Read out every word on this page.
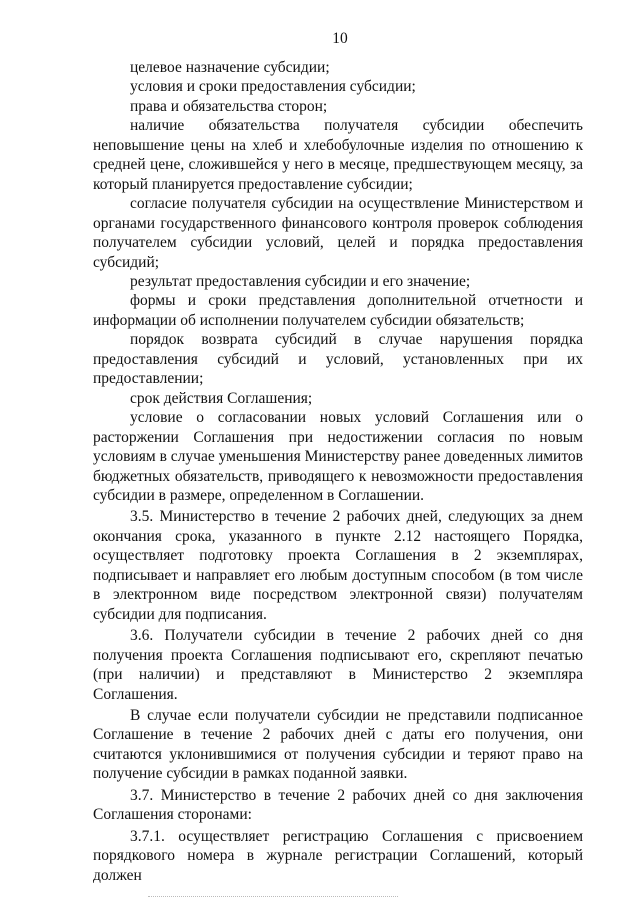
10

целевое назначение субсидии;

условия и сроки предоставления субсидии;

права и обязательства сторон;

наличие обязательства получателя субсидии обеспечить неповышение цены на хлеб и хлебобулочные изделия по отношению к средней цене, сложившейся у него в месяце, предшествующем месяцу, за который планируется предоставление субсидии;

согласие получателя субсидии на осуществление Министерством и органами государственного финансового контроля проверок соблюдения получателем субсидии условий, целей и порядка предоставления субсидий;

результат предоставления субсидии и его значение;

формы и сроки представления дополнительной отчетности и информации об исполнении получателем субсидии обязательств;

порядок возврата субсидий в случае нарушения порядка предоставления субсидий и условий, установленных при их предоставлении;

срок действия Соглашения;

условие о согласовании новых условий Соглашения или о расторжении Соглашения при недостижении согласия по новым условиям в случае уменьшения Министерству ранее доведенных лимитов бюджетных обязательств, приводящего к невозможности предоставления субсидии в размере, определенном в Соглашении.

3.5. Министерство в течение 2 рабочих дней, следующих за днем окончания срока, указанного в пункте 2.12 настоящего Порядка, осуществляет подготовку проекта Соглашения в 2 экземплярах, подписывает и направляет его любым доступным способом (в том числе в электронном виде посредством электронной связи) получателям субсидии для подписания.

3.6. Получатели субсидии в течение 2 рабочих дней со дня получения проекта Соглашения подписывают его, скрепляют печатью (при наличии) и представляют в Министерство 2 экземпляра Соглашения.

В случае если получатели субсидии не представили подписанное Соглашение в течение 2 рабочих дней с даты его получения, они считаются уклонившимися от получения субсидии и теряют право на получение субсидии в рамках поданной заявки.

3.7. Министерство в течение 2 рабочих дней со дня заключения Соглашения сторонами:

3.7.1. осуществляет регистрацию Соглашения с присвоением порядкового номера в журнале регистрации Соглашений, который должен
